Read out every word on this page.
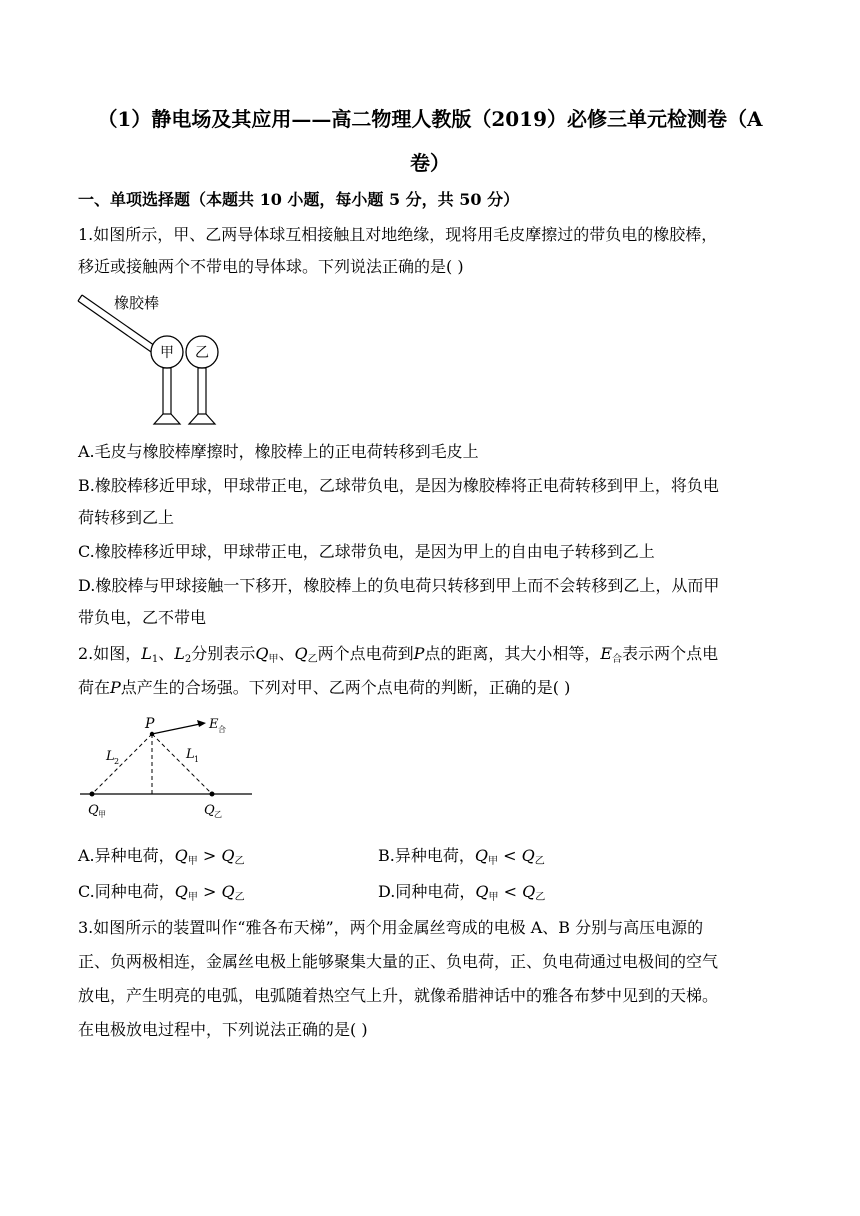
（1）静电场及其应用——高二物理人教版（2019）必修三单元检测卷（A
卷）
一、单项选择题（本题共 10 小题，每小题 5 分，共 50 分）
1.如图所示，甲、乙两导体球互相接触且对地绝缘，现将用毛皮摩擦过的带负电的橡胶棒，
移近或接触两个不带电的导体球。下列说法正确的是( )
橡胶棒
甲 乙
A.毛皮与橡胶棒摩擦时，橡胶棒上的正电荷转移到毛皮上
B.橡胶棒移近甲球，甲球带正电，乙球带负电，是因为橡胶棒将正电荷转移到甲上，将负电
荷转移到乙上
C.橡胶棒移近甲球，甲球带正电，乙球带负电，是因为甲上的自由电子转移到乙上
D.橡胶棒与甲球接触一下移开，橡胶棒上的负电荷只转移到甲上而不会转移到乙上，从而甲
带负电，乙不带电
2.如图，$L_1$、$L_2$分别表示$Q_甲$、$Q_乙$两个点电荷到P点的距离，其大小相等，$E_合$表示两个点电
荷在P点产生的合场强。下列对甲、乙两个点电荷的判断，正确的是( )
P	E 合
L 2	L 1
Q 甲	Q 乙
A.异种电荷，$Q_甲 > Q_乙$	B.异种电荷，$Q_甲 < Q_乙$
C.同种电荷，$Q_甲 > Q_乙$	D.同种电荷，$Q_甲 < Q_乙$
3.如图所示的装置叫作“雅各布天梯”，两个用金属丝弯成的电极 A、B 分别与高压电源的
正、负两极相连，金属丝电极上能够聚集大量的正、负电荷，正、负电荷通过电极间的空气
放电，产生明亮的电弧，电弧随着热空气上升，就像希腊神话中的雅各布梦中见到的天梯。
在电极放电过程中，下列说法正确的是( )
